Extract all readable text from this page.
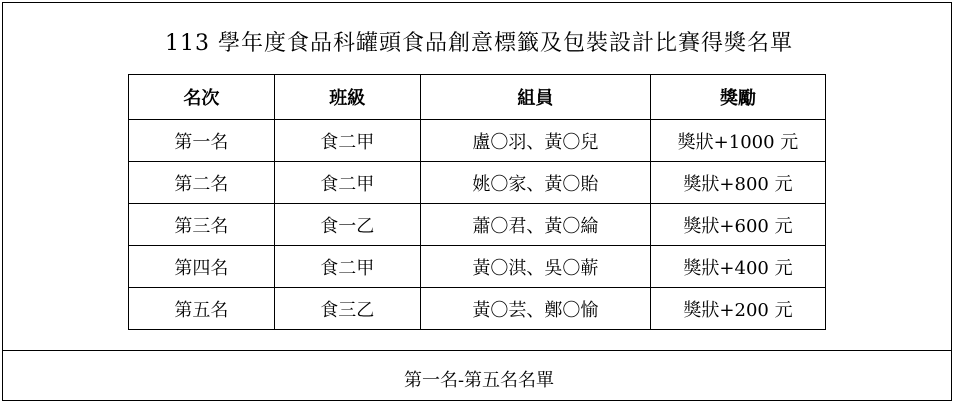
113 學年度食品科罐頭食品創意標籤及包裝設計比賽得獎名單
名次	班級	組員	獎勵
第一名	食二甲	盧〇羽、黃〇兒	獎狀+1000 元
第二名	食二甲	姚〇家、黃〇貽	獎狀+800 元
第三名	食一乙	蕭〇君、黃〇綸	獎狀+600 元
第四名	食二甲	黃〇淇、吳〇蕲	獎狀+400 元
第五名	食三乙	黃〇芸、鄭〇愉	獎狀+200 元
第一名-第五名名單
